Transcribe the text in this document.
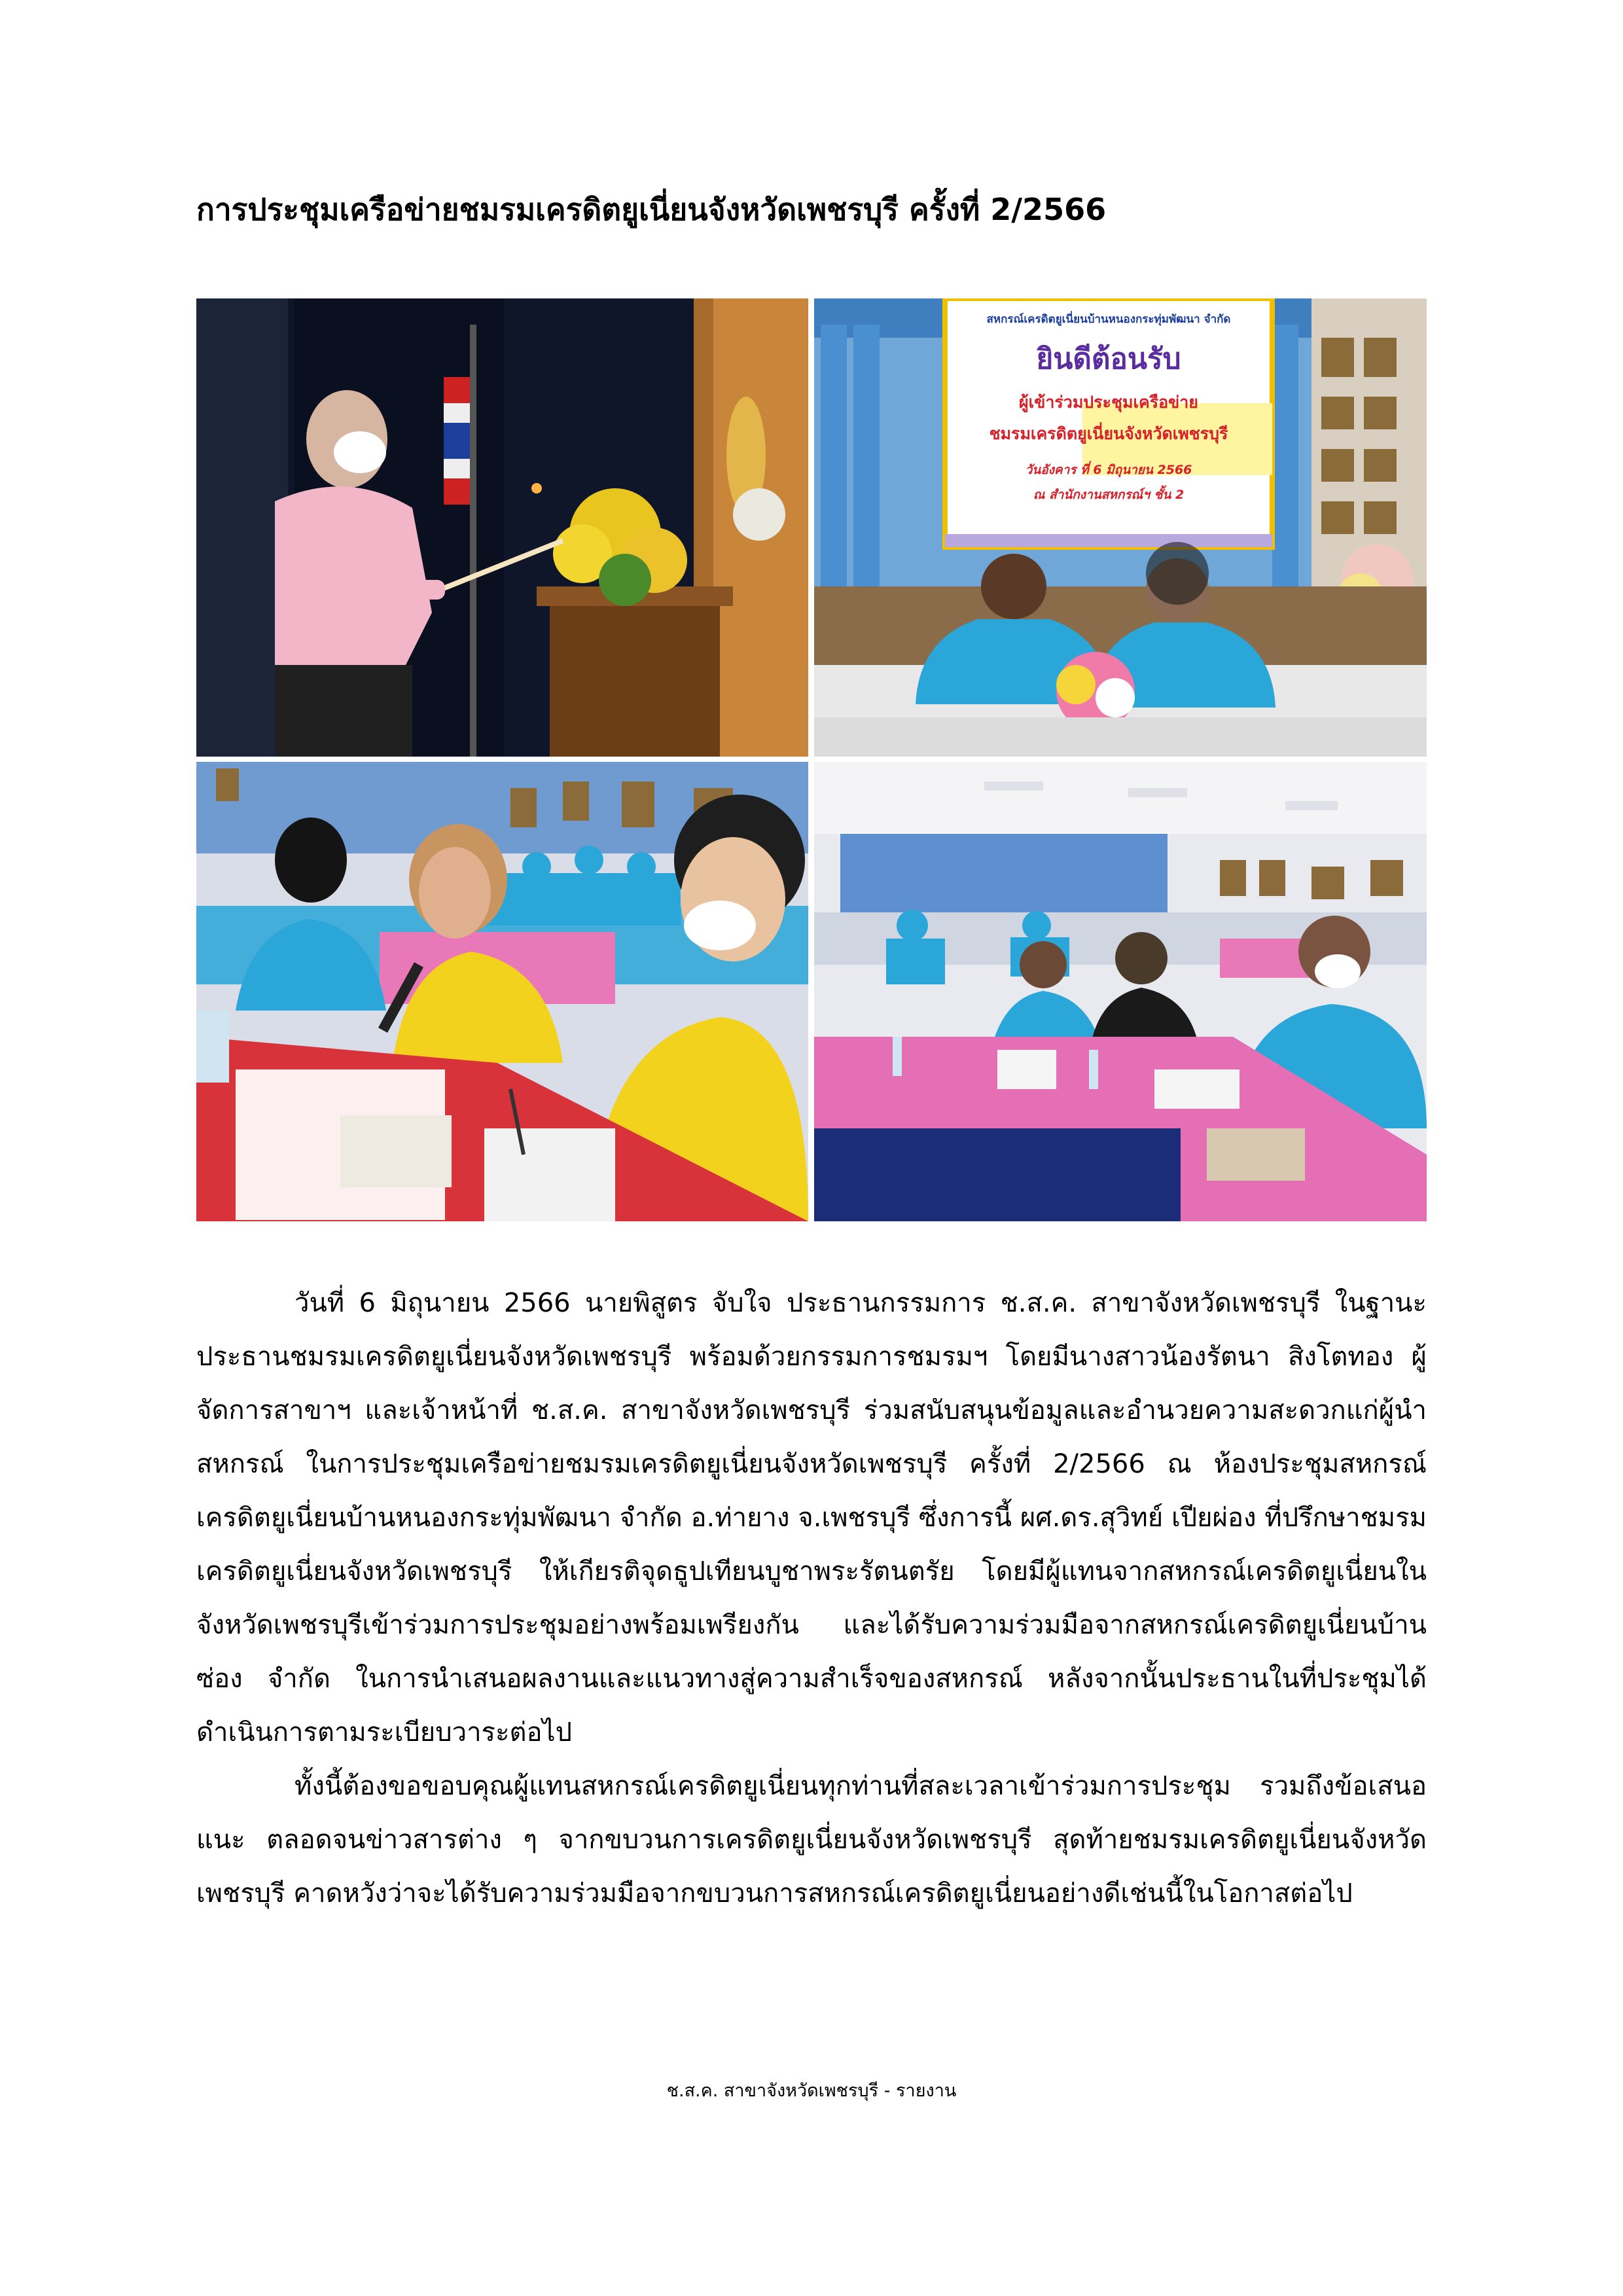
การประชุมเครือข่ายชมรมเครดิตยูเนี่ยนจังหวัดเพชรบุรี ครั้งที่ 2/2566
สหกรณ์เครดิตยูเนี่ยนบ้านหนองกระทุ่มพัฒนา จำกัด
ยินดีต้อนรับ
ผู้เข้าร่วมประชุมเครือข่าย
ชมรมเครดิตยูเนี่ยนจังหวัดเพชรบุรี
วันอังคาร ที่ 6 มิถุนายน 2566
ณ สำนักงานสหกรณ์ฯ ชั้น 2

วันที่ 6 มิถุนายน 2566 นายพิสูตร จับใจ ประธานกรรมการ ช.ส.ค. สาขาจังหวัดเพชรบุรี ในฐานะประธานชมรมเครดิตยูเนี่ยนจังหวัดเพชรบุรี พร้อมด้วยกรรมการชมรมฯ โดยมีนางสาวน้องรัตนา สิงโตทอง ผู้จัดการสาขาฯ และเจ้าหน้าที่ ช.ส.ค. สาขาจังหวัดเพชรบุรี ร่วมสนับสนุนข้อมูลและอำนวยความสะดวกแก่ผู้นำสหกรณ์ ในการประชุมเครือข่ายชมรมเครดิตยูเนี่ยนจังหวัดเพชรบุรี ครั้งที่ 2/2566 ณ ห้องประชุมสหกรณ์เครดิตยูเนี่ยนบ้านหนองกระทุ่มพัฒนา จำกัด อ.ท่ายาง จ.เพชรบุรี ซึ่งการนี้ ผศ.ดร.สุวิทย์ เปียผ่อง ที่ปรึกษาชมรมเครดิตยูเนี่ยนจังหวัดเพชรบุรี ให้เกียรติจุดธูปเทียนบูชาพระรัตนตรัย โดยมีผู้แทนจากสหกรณ์เครดิตยูเนี่ยนในจังหวัดเพชรบุรีเข้าร่วมการประชุมอย่างพร้อมเพรียงกัน และได้รับความร่วมมือจากสหกรณ์เครดิตยูเนี่ยนบ้านซ่อง จำกัด ในการนำเสนอผลงานและแนวทางสู่ความสำเร็จของสหกรณ์ หลังจากนั้นประธานในที่ประชุมได้ดำเนินการตามระเบียบวาระต่อไป

ทั้งนี้ต้องขอขอบคุณผู้แทนสหกรณ์เครดิตยูเนี่ยนทุกท่านที่สละเวลาเข้าร่วมการประชุม รวมถึงข้อเสนอแนะ ตลอดจนข่าวสารต่าง ๆ จากขบวนการเครดิตยูเนี่ยนจังหวัดเพชรบุรี สุดท้ายชมรมเครดิตยูเนี่ยนจังหวัดเพชรบุรี คาดหวังว่าจะได้รับความร่วมมือจากขบวนการสหกรณ์เครดิตยูเนี่ยนอย่างดีเช่นนี้ในโอกาสต่อไป

ช.ส.ค. สาขาจังหวัดเพชรบุรี - รายงาน
